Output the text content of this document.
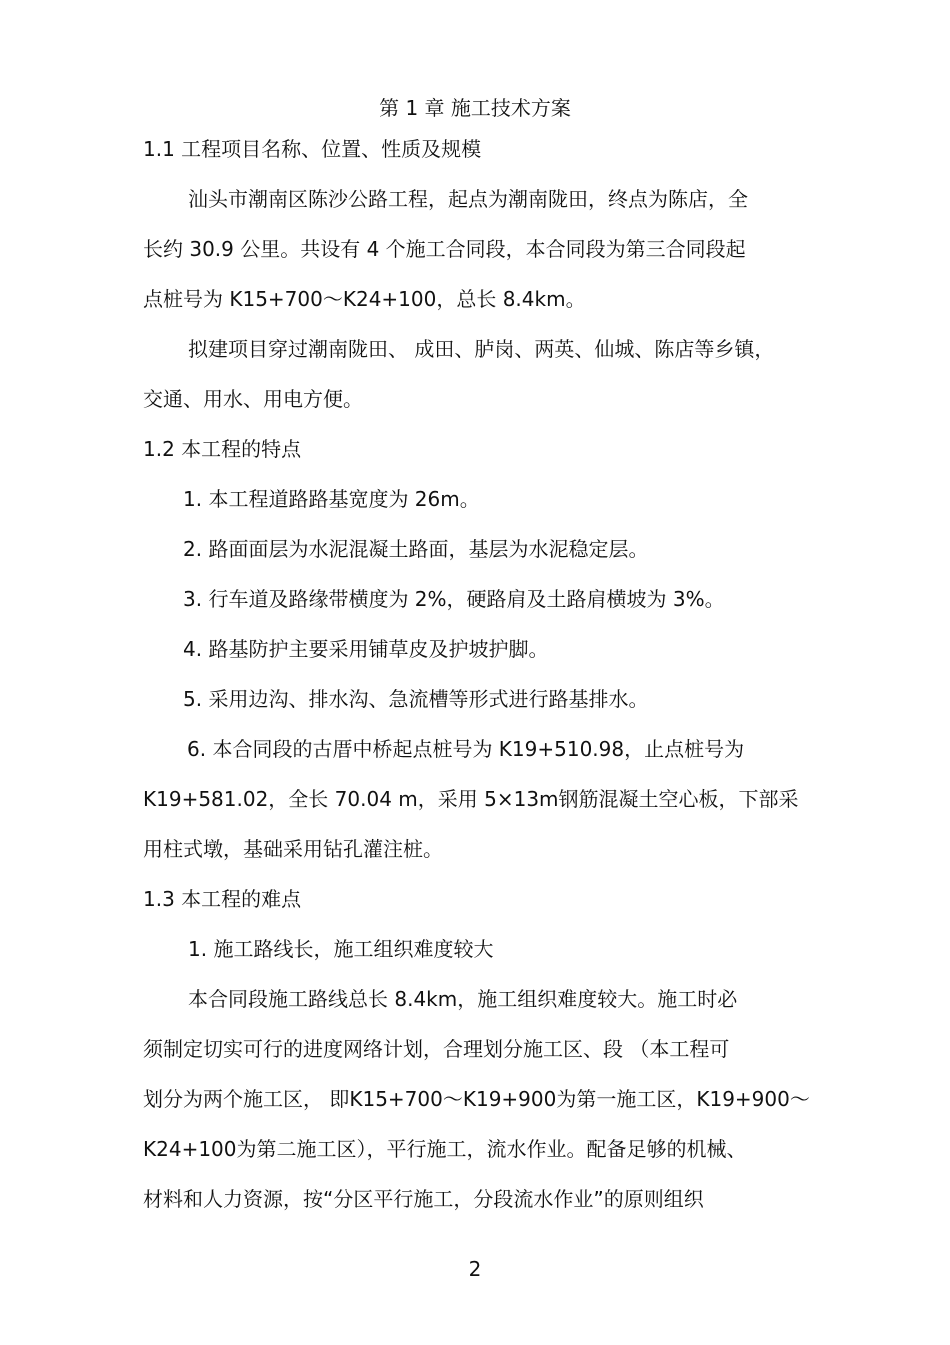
第 1 章 施工技术方案
1.1 工程项目名称、位置、性质及规模
汕头市潮南区陈沙公路工程，起点为潮南陇田，终点为陈店，全
长约 30.9 公里。共设有 4 个施工合同段，本合同段为第三合同段起
点桩号为 K15+700～K24+100，总长 8.4km。
拟建项目穿过潮南陇田、 成田、胪岗、两英、仙城、陈店等乡镇，
交通、用水、用电方便。
1.2 本工程的特点
1. 本工程道路路基宽度为 26m。
2. 路面面层为水泥混凝土路面，基层为水泥稳定层。
3. 行车道及路缘带横度为 2%，硬路肩及土路肩横坡为 3%。
4. 路基防护主要采用铺草皮及护坡护脚。
5. 采用边沟、排水沟、急流槽等形式进行路基排水。
6. 本合同段的古厝中桥起点桩号为 K19+510.98，止点桩号为
K19+581.02，全长 70.04 m，采用 5×13m钢筋混凝土空心板，下部采
用柱式墩，基础采用钻孔灌注桩。
1.3 本工程的难点
1. 施工路线长，施工组织难度较大
本合同段施工路线总长 8.4km，施工组织难度较大。施工时必
须制定切实可行的进度网络计划，合理划分施工区、段 （本工程可
划分为两个施工区， 即K15+700～K19+900为第一施工区，K19+900～
K24+100为第二施工区），平行施工，流水作业。配备足够的机械、
材料和人力资源，按“分区平行施工，分段流水作业”的原则组织
2
